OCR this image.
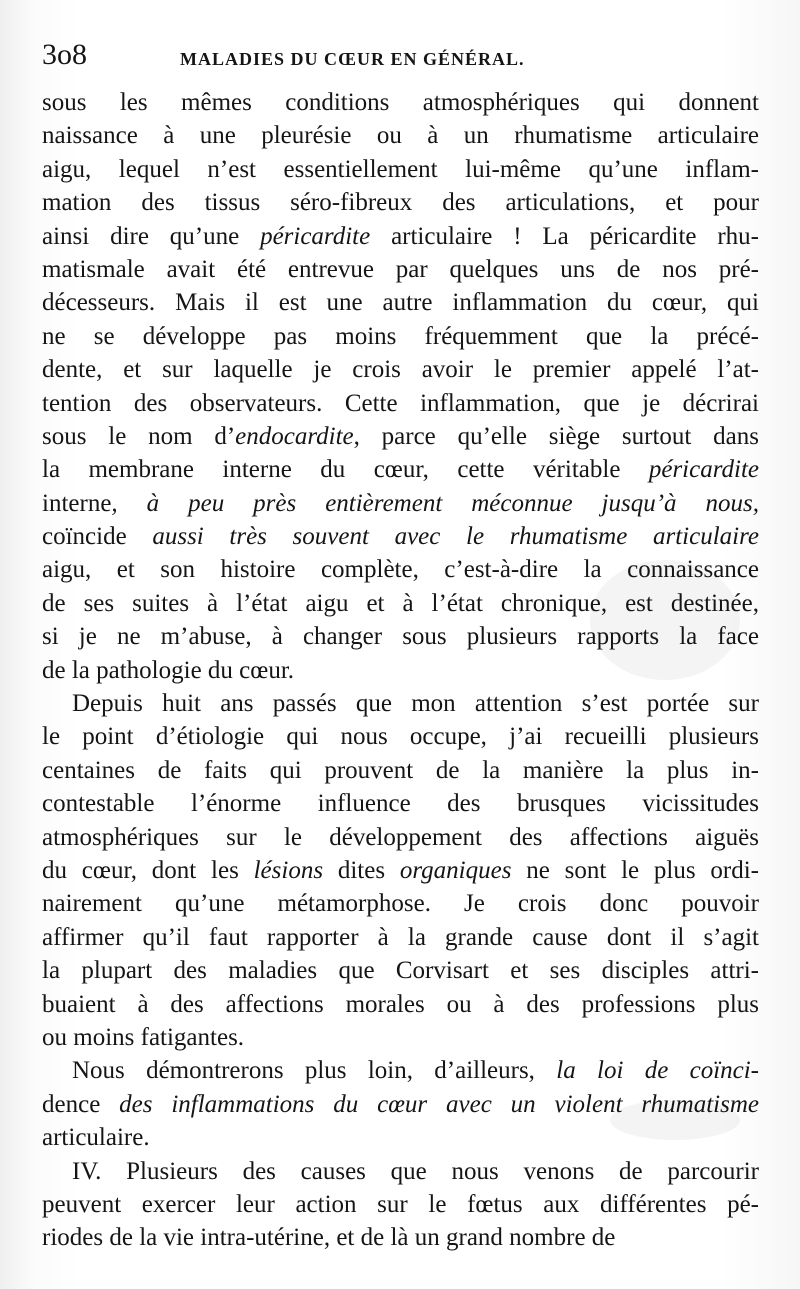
3o8	MALADIES DU CŒUR EN GÉNÉRAL.
sous les mêmes conditions atmosphériques qui donnent
naissance à une pleurésie ou à un rhumatisme articulaire
aigu, lequel n’est essentiellement lui-même qu’une inflam-
mation des tissus séro-fibreux des articulations, et pour
ainsi dire qu’une péricardite articulaire ! La péricardite rhu-
matismale avait été entrevue par quelques uns de nos pré-
décesseurs. Mais il est une autre inflammation du cœur, qui
ne se développe pas moins fréquemment que la précé-
dente, et sur laquelle je crois avoir le premier appelé l’at-
tention des observateurs. Cette inflammation, que je décrirai
sous le nom d’endocardite, parce qu’elle siège surtout dans
la membrane interne du cœur, cette véritable péricardite
interne, à peu près entièrement méconnue jusqu’à nous,
coïncide aussi très souvent avec le rhumatisme articulaire
aigu, et son histoire complète, c’est-à-dire la connaissance
de ses suites à l’état aigu et à l’état chronique, est destinée,
si je ne m’abuse, à changer sous plusieurs rapports la face
de la pathologie du cœur.
Depuis huit ans passés que mon attention s’est portée sur
le point d’étiologie qui nous occupe, j’ai recueilli plusieurs
centaines de faits qui prouvent de la manière la plus in-
contestable l’énorme influence des brusques vicissitudes
atmosphériques sur le développement des affections aiguës
du cœur, dont les lésions dites organiques ne sont le plus ordi-
nairement qu’une métamorphose. Je crois donc pouvoir
affirmer qu’il faut rapporter à la grande cause dont il s’agit
la plupart des maladies que Corvisart et ses disciples attri-
buaient à des affections morales ou à des professions plus
ou moins fatigantes.
Nous démontrerons plus loin, d’ailleurs, la loi de coïnci-
dence des inflammations du cœur avec un violent rhumatisme
articulaire.
IV. Plusieurs des causes que nous venons de parcourir
peuvent exercer leur action sur le fœtus aux différentes pé-
riodes de la vie intra-utérine, et de là un grand nombre de
